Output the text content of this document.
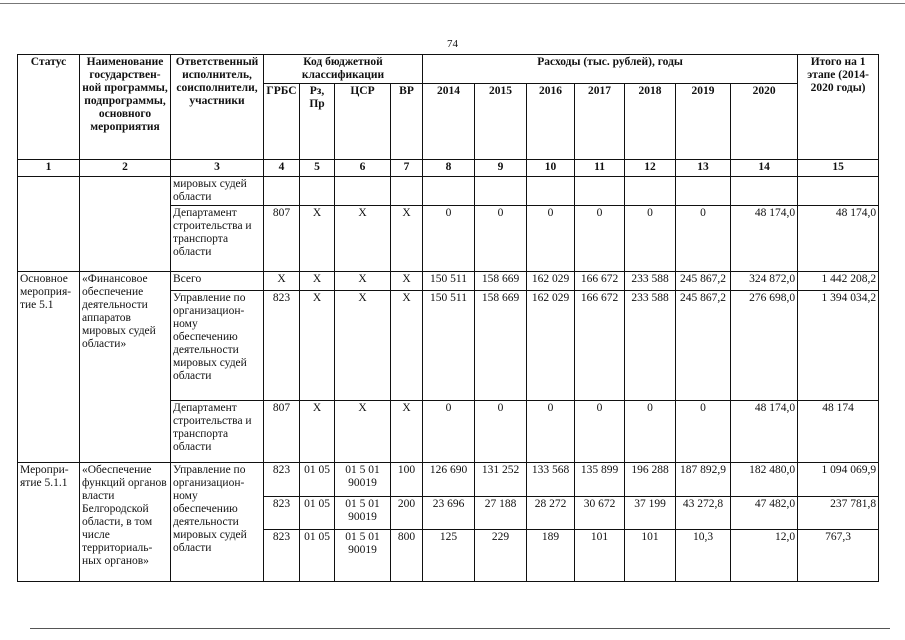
74
Статус	Наименование государствен-ной программы, подпрограммы, основного мероприятия	Ответственный исполнитель, соисполнители, участники	Код бюджетной классификации				Расходы (тыс. рублей), годы							Итого на 1 этапе (2014-2020 годы)
			ГРБС	Рз, Пр	ЦСР	ВР	2014	2015	2016	2017	2018	2019	2020	
1	2	3	4	5	6	7	8	9	10	11	12	13	14	15
		мировых судей области												
		Департамент строительства и транспорта области	807	Х	Х	Х	0	0	0	0	0	0	48 174,0	48 174,0
Основное мероприя-тие 5.1	«Финансовое обеспечение деятельности аппаратов мировых судей области»	Всего	Х	Х	Х	Х	150 511	158 669	162 029	166 672	233 588	245 867,2	324 872,0	1 442 208,2
		Управление по организацион-ному обеспечению деятельности мировых судей области	823	Х	Х	Х	150 511	158 669	162 029	166 672	233 588	245 867,2	276 698,0	1 394 034,2
		Департамент строительства и транспорта области	807	Х	Х	Х	0	0	0	0	0	0	48 174,0	48 174
Меропри-ятие 5.1.1	«Обеспечение функций органов власти Белгородской области, в том числе территориаль-ных органов»	Управление по организацион-ному обеспечению деятельности мировых судей области	823	01 05	01 5 01 90019	100	126 690	131 252	133 568	135 899	196 288	187 892,9	182 480,0	1 094 069,9
			823	01 05	01 5 01 90019	200	23 696	27 188	28 272	30 672	37 199	43 272,8	47 482,0	237 781,8
			823	01 05	01 5 01 90019	800	125	229	189	101	101	10,3	12,0	767,3
